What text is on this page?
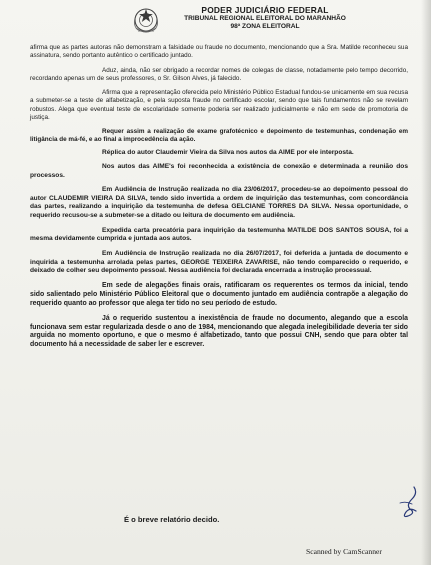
PODER JUDICIÁRIO FEDERAL
TRIBUNAL REGIONAL ELEITORAL DO MARANHÃO
98ª ZONA ELEITORAL

afirma que as partes autoras não demonstram a falsidade ou fraude no documento, mencionando que a Sra. Matilde reconheceu sua assinatura, sendo portanto autêntico o certificado juntado.

Aduz, ainda, não ser obrigado a recordar nomes de colegas de classe, notadamente pelo tempo decorrido, recordando apenas um de seus professores, o Sr. Gilson Alves, já falecido.

Afirma que a representação oferecida pelo Ministério Público Estadual fundou-se unicamente em sua recusa a submeter-se a teste de alfabetização, e pela suposta fraude no certificado escolar, sendo que tais fundamentos não se revelam robustos. Alega que eventual teste de escolaridade somente poderia ser realizado judicialmente e não em sede de promotoria de justiça.

Requer assim a realização de exame grafotécnico e depoimento de testemunhas, condenação em litigância de má-fé, e ao final a improcedência da ação.

Réplica do autor Claudemir Vieira da Silva nos autos da AIME por ele interposta.

Nos autos das AIME's foi reconhecida a existência de conexão e determinada a reunião dos processos.

Em Audiência de Instrução realizada no dia 23/06/2017, procedeu-se ao depoimento pessoal do autor CLAUDEMIR VIEIRA DA SILVA, tendo sido invertida a ordem de inquirição das testemunhas, com concordância das partes, realizando a inquirição da testemunha de defesa GELCIANE TORRES DA SILVA. Nessa oportunidade, o requerido recusou-se a submeter-se a ditado ou leitura de documento em audiência.

Expedida carta precatória para inquirição da testemunha MATILDE DOS SANTOS SOUSA, foi a mesma devidamente cumprida e juntada aos autos.

Em Audiência de Instrução realizada no dia 26/07/2017, foi deferida a juntada de documento e inquirida a testemunha arrolada pelas partes, GEORGE TEIXEIRA ZAVARISE, não tendo comparecido o requerido, e deixado de colher seu depoimento pessoal. Nessa audiência foi declarada encerrada a instrução processual.

Em sede de alegações finais orais, ratificaram os requerentes os termos da inicial, tendo sido salientado pelo Ministério Público Eleitoral que o documento juntado em audiência contrapõe a alegação do requerido quanto ao professor que alega ter tido no seu período de estudo.

Já o requerido sustentou a inexistência de fraude no documento, alegando que a escola funcionava sem estar regularizada desde o ano de 1984, mencionando que alegada inelegibilidade deveria ter sido arguida no momento oportuno, e que o mesmo é alfabetizado, tanto que possui CNH, sendo que para obter tal documento há a necessidade de saber ler e escrever.

É o breve relatório decido.
Scanned by CamScanner
